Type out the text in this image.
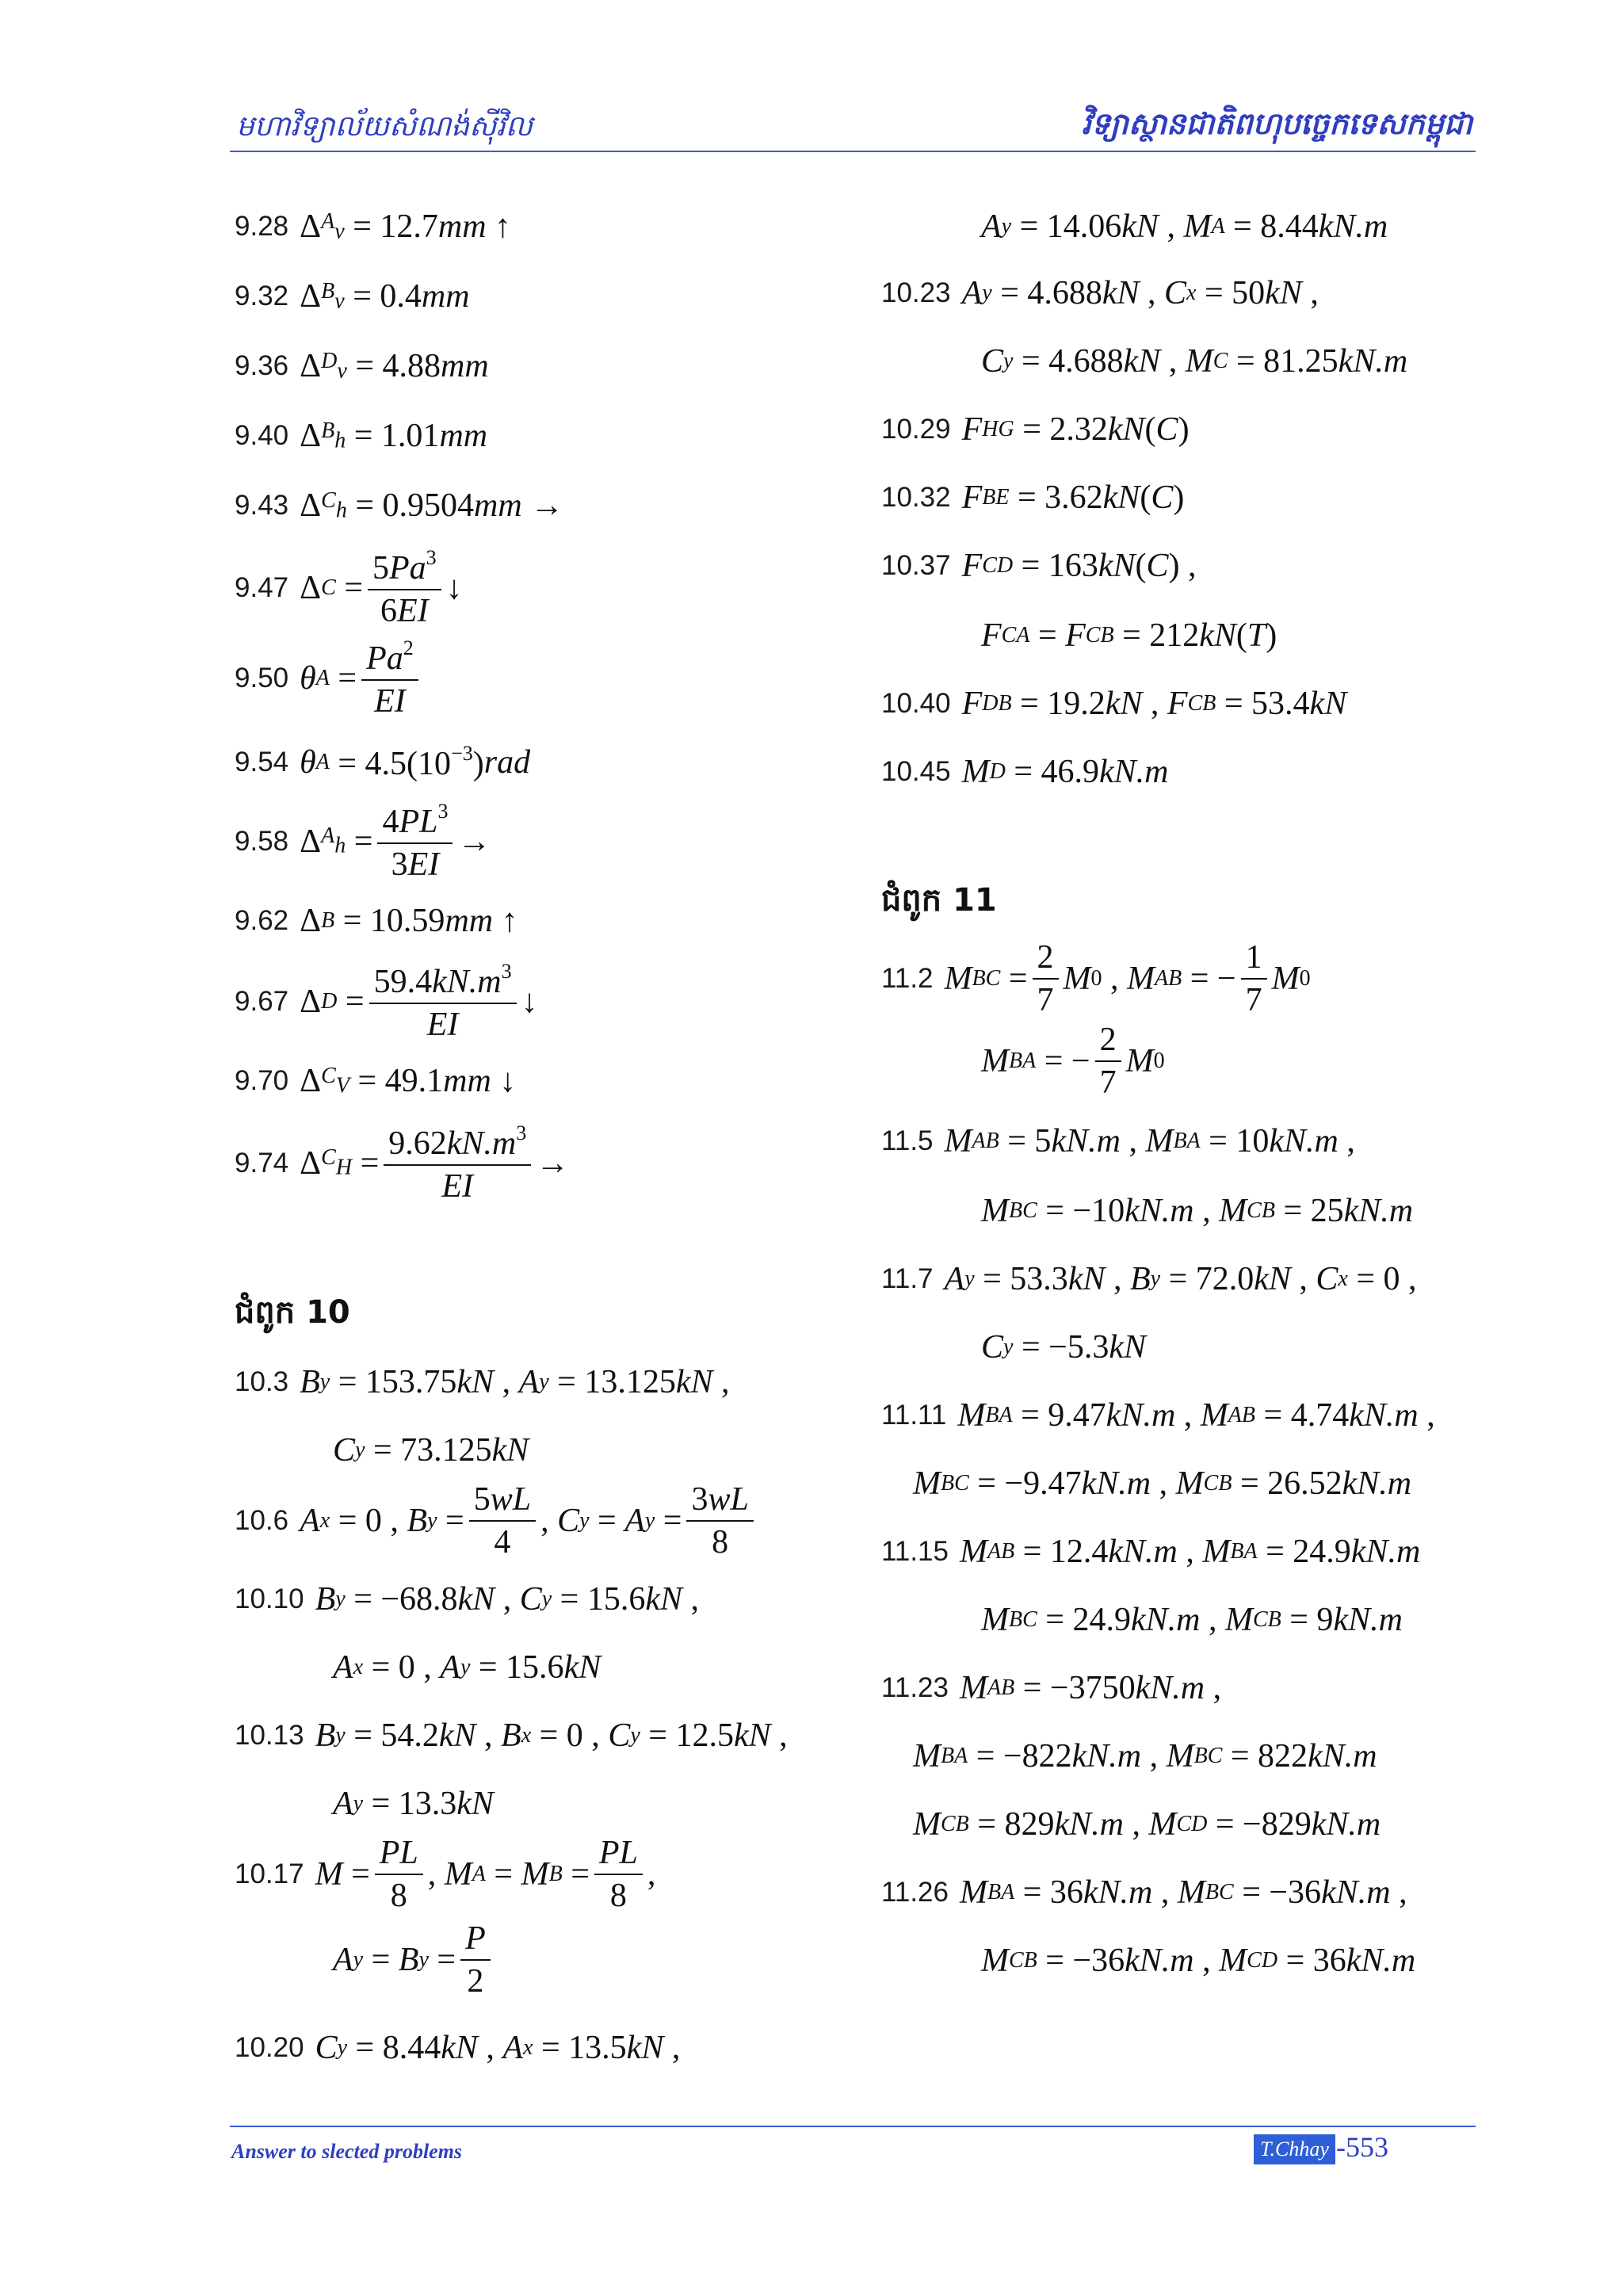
មហាវិទ្យាល័យសំណង់ស៊ីវិល	វិទ្យាស្ថានជាតិពហុបច្ចេកទេសកម្ពុជា
9.28 Δ $A_v$
= 12.7 mm ↑
9.32 Δ $B_v$
= 0.4 mm
9.36 Δ $D_v$
= 4.88 mm
9.40 Δ $B_h$
= 1.01 mm
9.43 Δ $C_h$
= 0.9504 mm →
9.47 Δ C
= $\frac{5Pa^3}{6EI}$ ↓
9.50 θ A
= $\frac{Pa^2}{EI}$
9.54 θ A
= $4.5(10^{-3})$ rad
9.58 Δ $A_h$
= $\frac{4PL^3}{3EI}$ →
9.62 Δ B
= 10.59 mm ↑
9.67 Δ D
= $\frac{59.4kN.m^3}{EI}$ ↓
9.70 Δ $C_V$
= 49.1 mm ↓
9.74 Δ $C_H$
= $\frac{9.62kN.m^3}{EI}$ →
ជំពូក 10
10.3 B y = 153.75 kN , A y = 13.125 kN ,
C y = 73.125 kN
10.6 A x = 0 , B $y = \frac{5wL}{4}$ , C y = A $y = \frac{3wL}{8}$
10.10 B y = −68.8 kN , C y = 15.6 kN ,
A x = 0 , A y = 15.6 kN
10.13 B y = 54.2 kN , B x = 0 , C y = 12.5 kN ,
A y = 13.3 kN
10.17 $M = \frac{PL}{8}$ , M A = M $B = \frac{PL}{8}$ ,
A y = B $y = \frac{P}{2}$
10.20 C y = 8.44 kN , A x = 13.5 kN ,
A y = 14.06 kN , M A = 8.44 kN.m
10.23 A y = 4.688 kN , C x = 50 kN ,
C y = 4.688 kN , M C = 81.25 kN.m
10.29 F HG = 2.32 kN ( C )
10.32 F BE = 3.62 kN ( C )
10.37 F CD = 163 kN ( C ) ,
F CA = F CB = 212 kN ( T )
10.40 F DB = 19.2 kN , F CB = 53.4 kN
10.45 M D = 46.9 kN.m
ជំពូក 11
11.2 M BC = $\frac{2}{7}$ M 0 , M AB = − $\frac{1}{7}$ M 0
M BA = − $\frac{2}{7}$ M 0
11.5 M AB = 5 kN.m , M BA = 10 kN.m ,
M BC = −10 kN.m , M CB = 25 kN.m
11.7 A y = 53.3 kN , B y = 72.0 kN , C x = 0 ,
C y = −5.3 kN
11.11 M BA = 9.47 kN.m , M AB = 4.74 kN.m ,
M BC = −9.47 kN.m , M CB = 26.52 kN.m
11.15 M AB = 12.4 kN.m , M BA = 24.9 kN.m
M BC = 24.9 kN.m , M CB = 9 kN.m
11.23 M AB = −3750 kN.m ,
M BA = −822 kN.m , M BC = 822 kN.m
M CB = 829 kN.m , M CD = −829 kN.m
11.26 M BA = 36 kN.m , M BC = −36 kN.m ,
M CB = −36 kN.m , M CD = 36 kN.m
Answer to slected problems	T.Chhay -553
